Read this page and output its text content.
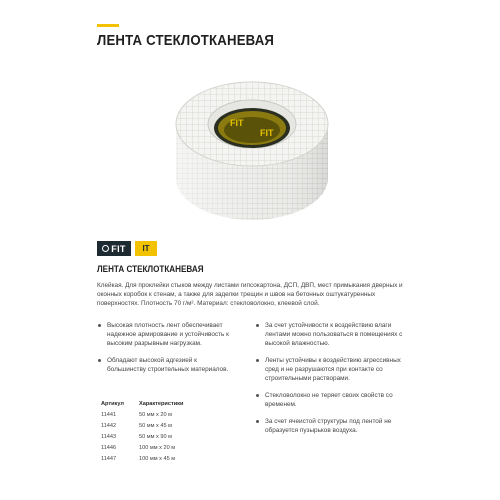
ЛЕНТА СТЕКЛОТКАНЕВАЯ
FIT
FIT
FIT	IT
ЛЕНТА СТЕКЛОТКАНЕВАЯ
Клейкая. Для проклейки стыков между листами гипсокартона, ДСП, ДВП, мест примыкания дверных и оконных коробок к стенам, а также для заделки трещин и швов на бетонных оштукатуренных поверхностях. Плотность 70 г/м². Материал: стекловолокно, клеевой слой.
Высокая плотность лент обеспечивает надежное армирование и устойчивость к высоким разрывным нагрузкам.
Обладают высокой адгезией к большинству строительных материалов.
За счет устойчивости к воздействию влаги лентами можно пользоваться в помещениях с высокой влажностью.
Ленты устойчивы к воздействию агрессивных сред и не разрушаются при контакте со строительными растворами.
Стекловолокно не теряет своих свойств со временем.
За счет ячеистой структуры под лентой не образуется пузырьков воздуха.
Артикул	Характеристики
11441	50 мм х 20 м
11442	50 мм х 45 м
11443	50 мм х 90 м
11446	100 мм х 20 м
11447	100 мм х 45 м
